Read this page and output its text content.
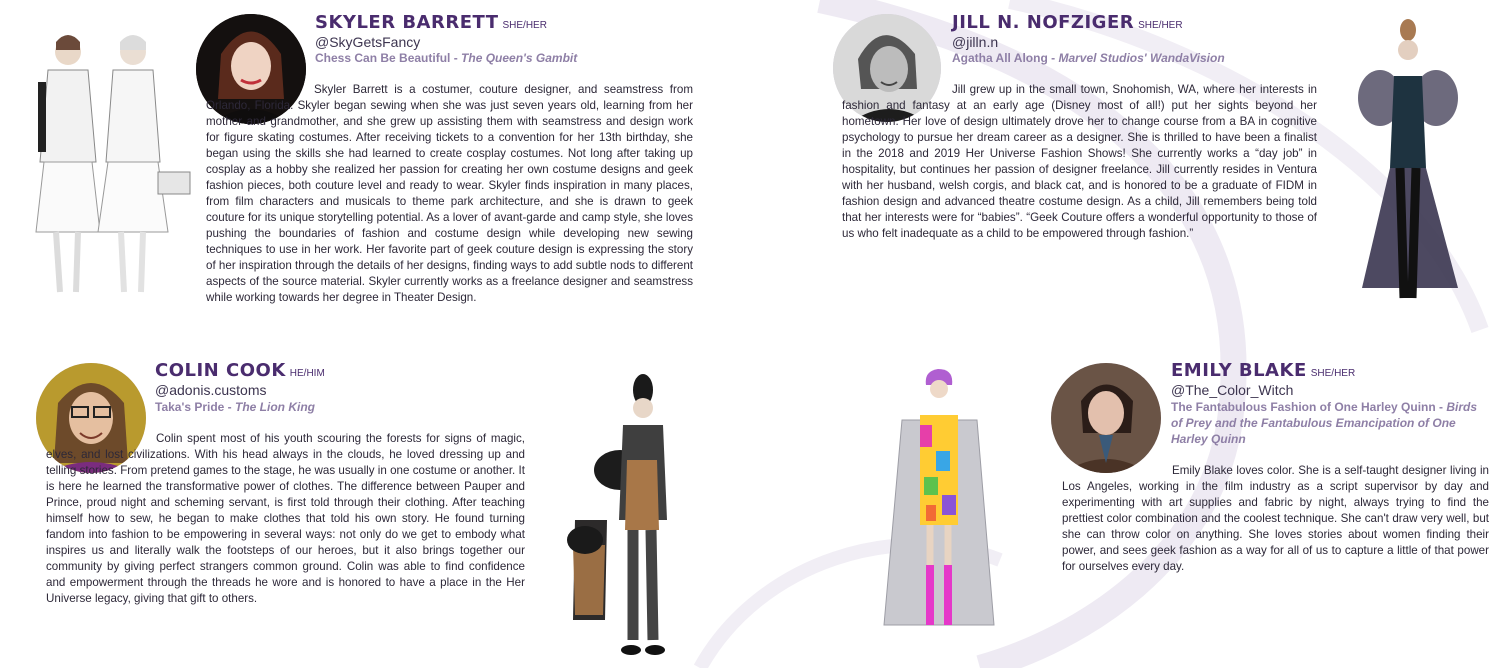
SKYLER BARRETT SHE/HER
@SkyGetsFancy
Chess Can Be Beautiful - The Queen's Gambit

Skyler Barrett is a costumer, couture designer, and seamstress from Orlando, Florida. Skyler began sewing when she was just seven years old, learning from her mother and grandmother, and she grew up assisting them with seamstress and design work for figure skating costumes. After receiving tickets to a convention for her 13th birthday, she began using the skills she had learned to create cosplay costumes. Not long after taking up cosplay as a hobby she realized her passion for creating her own costume designs and geek fashion pieces, both couture level and ready to wear. Skyler finds inspiration in many places, from film characters and musicals to theme park architecture, and she is drawn to geek couture for its unique storytelling potential. As a lover of avant-garde and camp style, she loves pushing the boundaries of fashion and costume design while developing new sewing techniques to use in her work. Her favorite part of geek couture design is expressing the story of her inspiration through the details of her designs, finding ways to add subtle nods to different aspects of the source material. Skyler currently works as a freelance designer and seamstress while working towards her degree in Theater Design.

JILL N. NOFZIGER SHE/HER
@jilln.n
Agatha All Along - Marvel Studios' WandaVision

Jill grew up in the small town, Snohomish, WA, where her interests in fashion and fantasy at an early age (Disney most of all!) put her sights beyond her hometown. Her love of design ultimately drove her to change course from a BA in cognitive psychology to pursue her dream career as a designer. She is thrilled to have been a finalist in the 2018 and 2019 Her Universe Fashion Shows! She currently works a “day job” in hospitality, but continues her passion of designer freelance. Jill currently resides in Ventura with her husband, welsh corgis, and black cat, and is honored to be a graduate of FIDM in fashion design and advanced theatre costume design. As a child, Jill remembers being told that her interests were for “babies”. “Geek Couture offers a wonderful opportunity to those of us who felt inadequate as a child to be empowered through fashion.”

COLIN COOK HE/HIM
@adonis.customs
Taka's Pride - The Lion King

Colin spent most of his youth scouring the forests for signs of magic, elves, and lost civilizations. With his head always in the clouds, he loved dressing up and telling stories. From pretend games to the stage, he was usually in one costume or another. It is here he learned the transformative power of clothes. The difference between Pauper and Prince, proud night and scheming servant, is first told through their clothing. After teaching himself how to sew, he began to make clothes that told his own story. He found turning fandom into fashion to be empowering in several ways: not only do we get to embody what inspires us and literally walk the footsteps of our heroes, but it also brings together our community by giving perfect strangers common ground. Colin was able to find confidence and empowerment through the threads he wore and is honored to have a place in the Her Universe legacy, giving that gift to others.

EMILY BLAKE SHE/HER
@The_Color_Witch
The Fantabulous Fashion of One Harley Quinn - Birds of Prey and the Fantabulous Emancipation of One Harley Quinn

Emily Blake loves color. She is a self-taught designer living in Los Angeles, working in the film industry as a script supervisor by day and experimenting with art supplies and fabric by night, always trying to find the prettiest color combination and the coolest technique. She can't draw very well, but she can throw color on anything. She loves stories about women finding their power, and sees geek fashion as a way for all of us to capture a little of that power for ourselves every day.
